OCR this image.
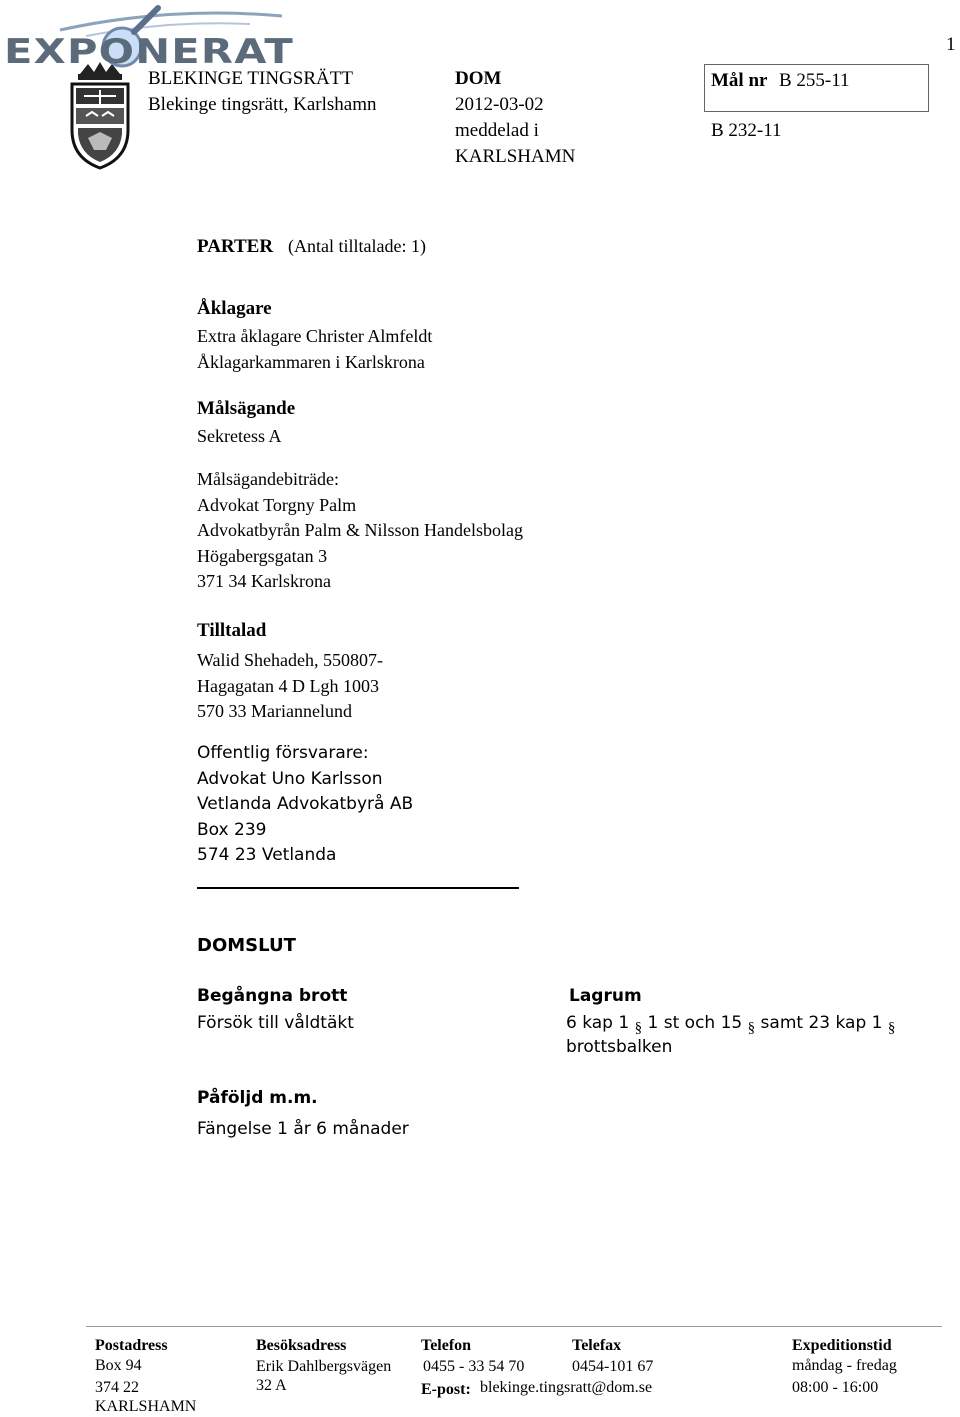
1
EXPONERAT
BLEKINGE TINGSRÄTT
Blekinge tingsrätt, Karlshamn
DOM
2012-03-02
meddelad i
KARLSHAMN
Mål nr B 255-11
B 232-11
PARTER (Antal tilltalade: 1)
Åklagare
Extra åklagare Christer Almfeldt
Åklagarkammaren i Karlskrona
Målsägande
Sekretess A
Målsägandebiträde:
Advokat Torgny Palm
Advokatbyrån Palm & Nilsson Handelsbolag
Högabergsgatan 3
371 34 Karlskrona
Tilltalad
Walid Shehadeh, 550807-
Hagagatan 4 D Lgh 1003
570 33 Mariannelund
Offentlig försvarare:
Advokat Uno Karlsson
Vetlanda Advokatbyrå AB
Box 239
574 23 Vetlanda
DOMSLUT
Begångna brott	Lagrum
Försök till våldtäkt	6 kap 1 § 1 st och 15 § samt 23 kap 1 §
brottsbalken
Påföljd m.m.
Fängelse 1 år 6 månader
Postadress
Box 94
374 22
KARLSHAMN
Besöksadress
Erik Dahlbergsvägen
32 A
Telefon
0455 - 33 54 70
E-post: blekinge.tingsratt@dom.se
Telefax
0454-101 67
Expeditionstid
måndag - fredag
08:00 - 16:00
